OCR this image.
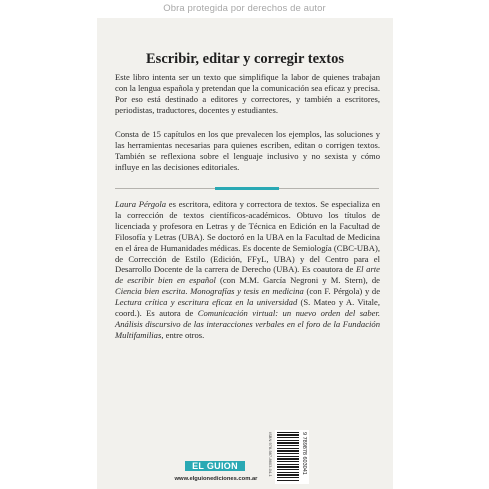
Obra protegida por derechos de autor
Escribir, editar y corregir textos

Este libro intenta ser un texto que simplifique la labor de quienes trabajan con la lengua española y pretendan que la comunicación sea eficaz y precisa. Por eso está destinado a editores y correctores, y también a escritores, periodistas, traductores, docentes y estudiantes.

Consta de 15 capítulos en los que prevalecen los ejemplos, las soluciones y las herramientas necesarias para quienes escriben, editan o corrigen textos. También se reflexiona sobre el lenguaje inclusivo y no sexista y cómo influye en las decisiones editoriales.

Laura Pérgola es escritora, editora y correctora de textos. Se especializa en la corrección de textos científicos-académicos. Obtuvo los títulos de licenciada y profesora en Letras y de Técnica en Edición en la Facultad de Filosofía y Letras (UBA). Se doctoró en la UBA en la Facultad de Medicina en el área de Humanidades médicas. Es docente de Semiología (CBC-UBA), de Corrección de Estilo (Edición, FFyL, UBA) y del Centro para el Desarrollo Docente de la carrera de Derecho (UBA). Es coautora de El arte de escribir bien en español (con M.M. García Negroni y M. Stern), de Ciencia bien escrita. Monografías y tesis en medicina (con F. Pérgola) y de Lectura crítica y escritura eficaz en la universidad (S. Mateo y A. Vitale, coord.). Es autora de Comunicación virtual: un nuevo orden del saber. Análisis discursivo de las interacciones verbales en el foro de la Fundación Multifamilias, entre otros.

EL GUION
www.elguionediciones.com.ar
9 789878 603041
ISBN 978-987-8603-04-1
